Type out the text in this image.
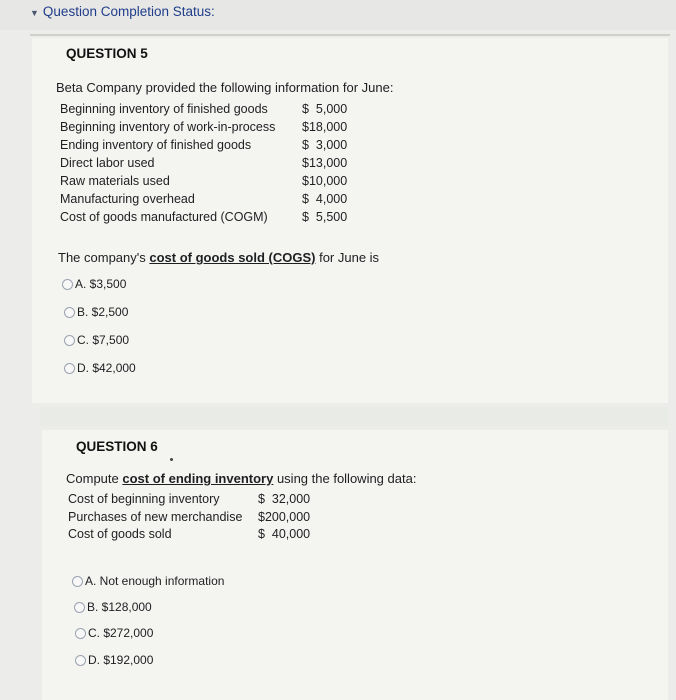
▼ Question Completion Status:
QUESTION 5
Beta Company provided the following information for June:
Beginning inventory of finished goods	$  5,000
Beginning inventory of work-in-process $18,000
Ending inventory of finished goods	$  3,000
Direct labor used	$13,000
Raw materials used	$10,000
Manufacturing overhead	$  4,000
Cost of goods manufactured (COGM)	$  5,500
The company's cost of goods sold (COGS) for June is
A. $3,500
B. $2,500
C. $7,500
D. $42,000
QUESTION 6
Compute cost of ending inventory using the following data:
Cost of beginning inventory	$  32,000
Purchases of new merchandise $200,000
Cost of goods sold	$  40,000
A. Not enough information
B. $128,000
C. $272,000
D. $192,000
